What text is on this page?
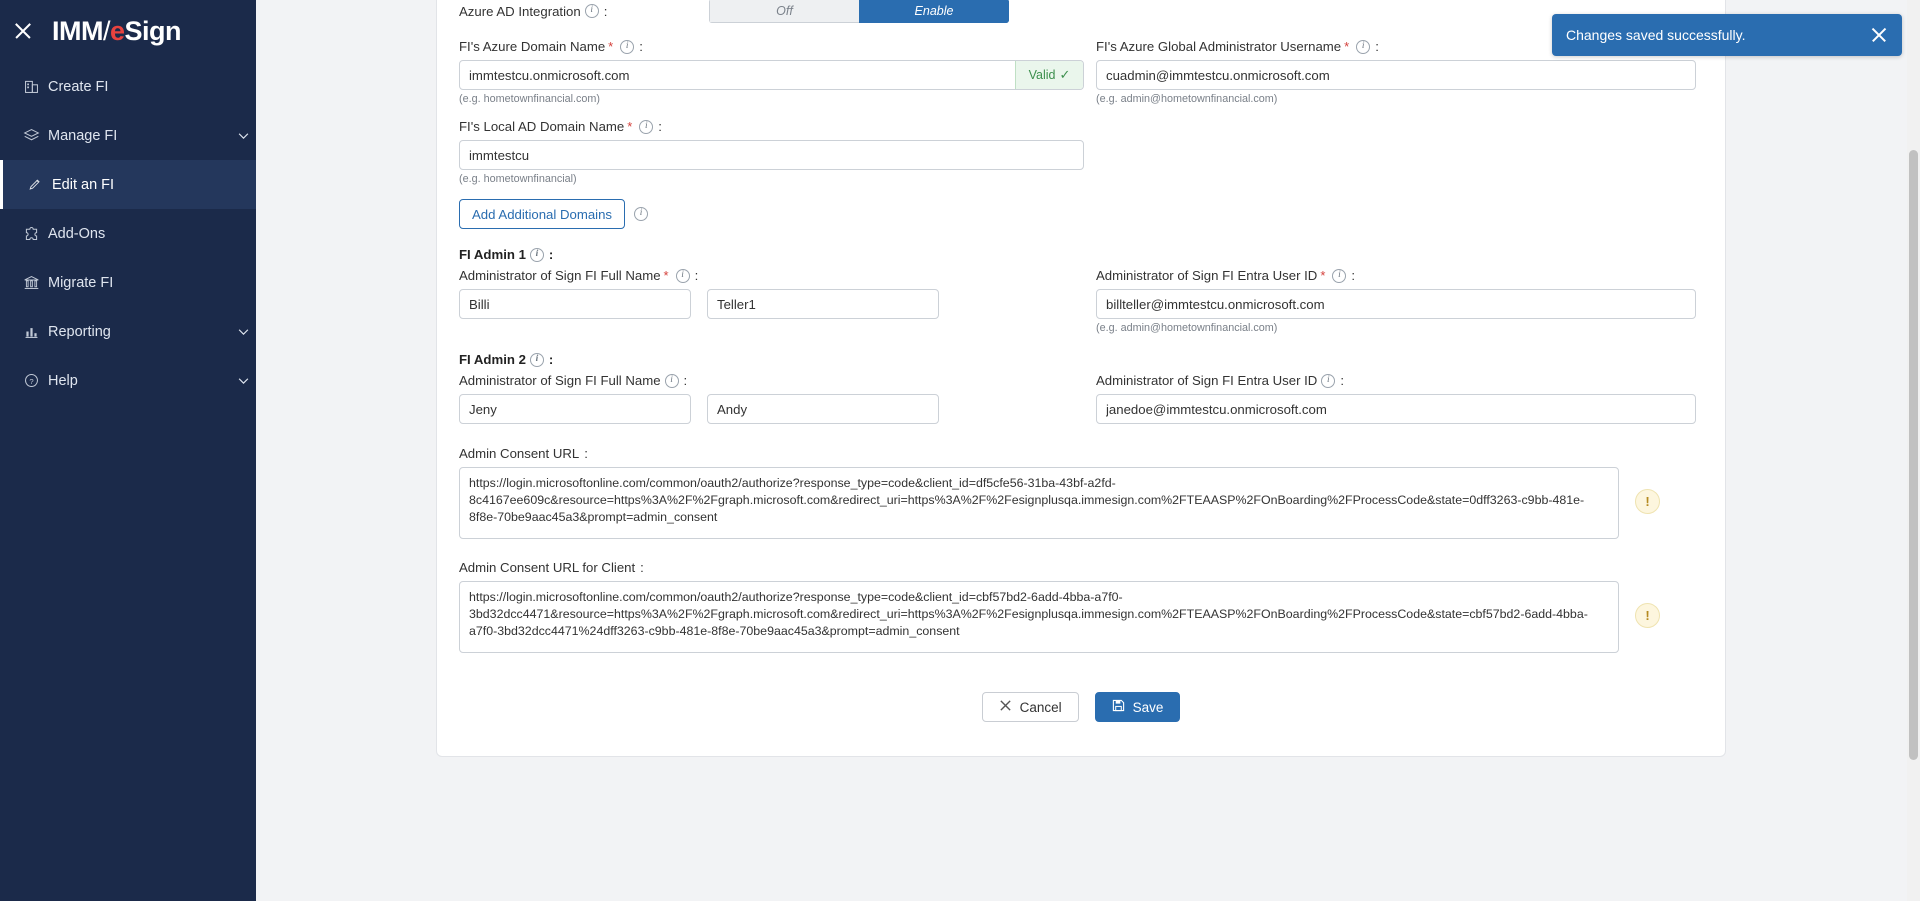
IMM/eSign
Create FI
Manage FI
Edit an FI
Add-Ons
Migrate FI
Reporting
? Help
Azure AD Integration	i :	Off	Enable
FI's Azure Domain Name *	i :
immtestcu.onmicrosoft.com
Valid ✓
(e.g. hometownfinancial.com)
FI's Azure Global Administrator Username *	i :
cuadmin@immtestcu.onmicrosoft.com
(e.g. admin@hometownfinancial.com)
FI's Local AD Domain Name *	i :
immtestcu
(e.g. hometownfinancial)
Add Additional Domains	i
FI Admin 1	i :
Administrator of Sign FI Full Name *	i :
Billi
Teller1	Administrator of Sign FI Entra User ID *	i :
billteller@immtestcu.onmicrosoft.com
(e.g. admin@hometownfinancial.com)
FI Admin 2	i :
Administrator of Sign FI Full Name	i :
Jeny
Andy	Administrator of Sign FI Entra User ID	i :
janedoe@immtestcu.onmicrosoft.com
Admin Consent URL :
https://login.microsoftonline.com/common/oauth2/authorize?response_type=code&client_id=df5cfe56-31ba-43bf-a2fd-8c4167ee609c&resource=https%3A%2F%2Fgraph.microsoft.com&redirect_uri=https%3A%2F%2Fesignplusqa.immesign.com%2FTEAASP%2FOnBoarding%2FProcessCode&state=0dff3263-c9bb-481e-8f8e-70be9aac45a3&prompt=admin_consent
!
Admin Consent URL for Client :
https://login.microsoftonline.com/common/oauth2/authorize?response_type=code&client_id=cbf57bd2-6add-4bba-a7f0-3bd32dcc4471&resource=https%3A%2F%2Fgraph.microsoft.com&redirect_uri=https%3A%2F%2Fesignplusqa.immesign.com%2FTEAASP%2FOnBoarding%2FProcessCode&state=cbf57bd2-6add-4bba-a7f0-3bd32dcc4471%24dff3263-c9bb-481e-8f8e-70be9aac45a3&prompt=admin_consent
!
Cancel	Save
Changes saved successfully.
